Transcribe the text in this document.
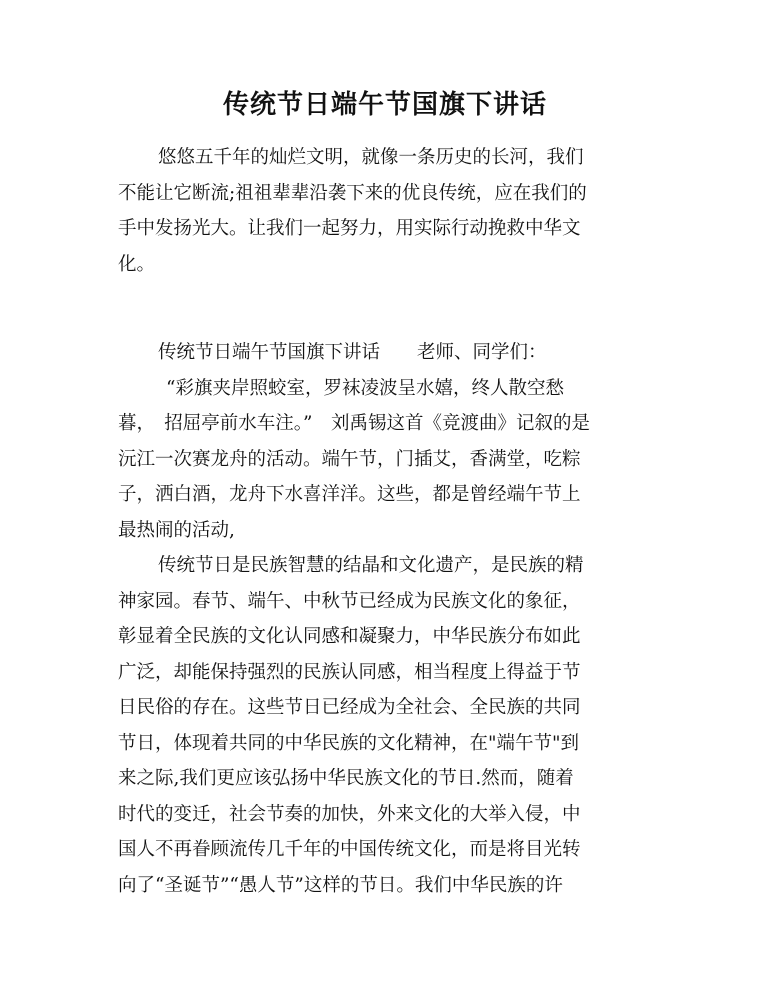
传统节日端午节国旗下讲话
悠悠五千年的灿烂文明，就像一条历史的长河，我们
不能让它断流;祖祖辈辈沿袭下来的优良传统，应在我们的
手中发扬光大。让我们一起努力，用实际行动挽救中华文
化。
传统节日端午节国旗下讲话　　老师、同学们：
“彩旗夹岸照蛟室，罗袜凌波呈水嬉，终人散空愁
暮，　招屈亭前水车注。”　刘禹锡这首《竞渡曲》记叙的是
沅江一次赛龙舟的活动。端午节，门插艾，香满堂，吃粽
子，洒白酒，龙舟下水喜洋洋。这些，都是曾经端午节上
最热闹的活动,
传统节日是民族智慧的结晶和文化遗产，是民族的精
神家园。春节、端午、中秋节已经成为民族文化的象征，
彰显着全民族的文化认同感和凝聚力，中华民族分布如此
广泛，却能保持强烈的民族认同感，相当程度上得益于节
日民俗的存在。这些节日已经成为全社会、全民族的共同
节日，体现着共同的中华民族的文化精神，在"端午节"到
来之际,我们更应该弘扬中华民族文化的节日.然而，随着
时代的变迁，社会节奏的加快，外来文化的大举入侵，中
国人不再眷顾流传几千年的中国传统文化，而是将目光转
向了“圣诞节”“愚人节”这样的节日。我们中华民族的许
